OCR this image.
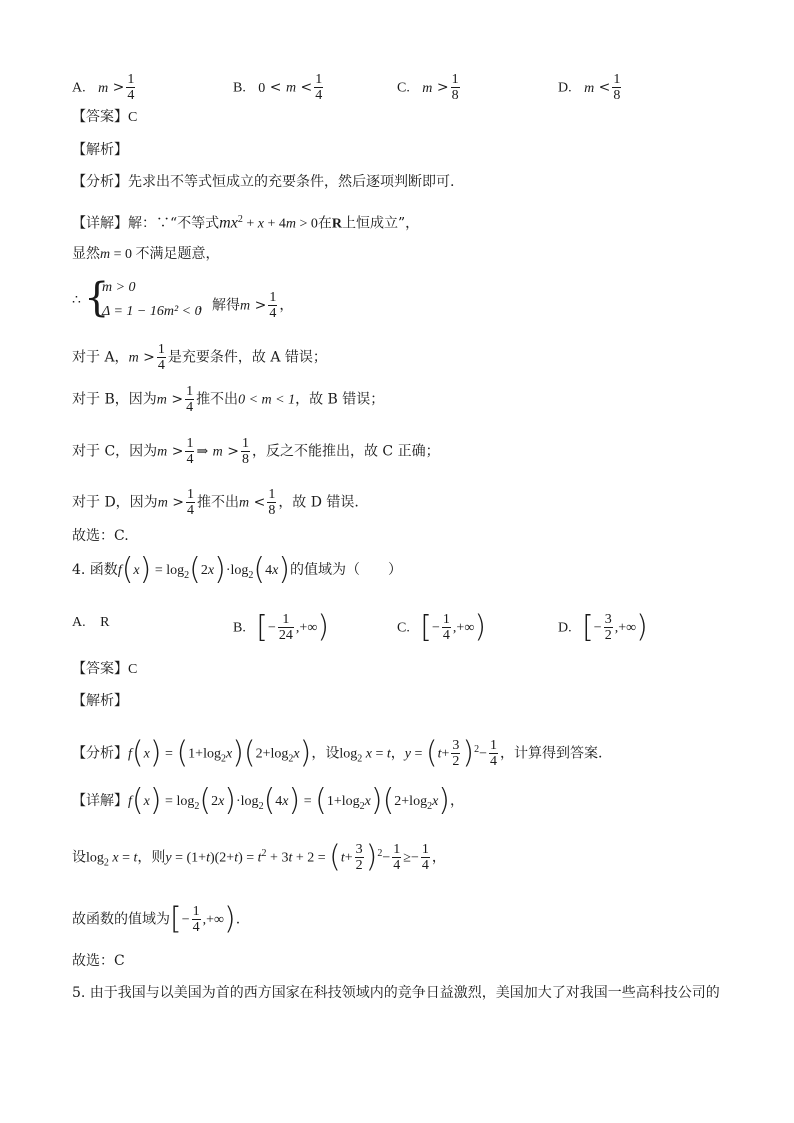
A. $m > \frac{1}{4}$	B. $0 < m < \frac{1}{4}$	C. $m > \frac{1}{8}$	D. $m < \frac{1}{8}$
【答案】C
【解析】
【分析】先求出不等式恒成立的充要条件，然后逐项判断即可.
【详解】解：∵“不等式$mx^2 + x + 4m > 0$在R上恒成立”，
显然m = 0 不满足题意，
∴ {
m > 0
Δ = 1 − 16m² < 0
，解得$m > \frac{1}{4}$ ，
对于 A，$m > \frac{1}{4}$ 是充要条件，故 A 错误；
对于 B，因为$m > \frac{1}{4}$ 推不出0 < m < 1，故 B 错误；
对于 C，因为$m > \frac{1}{4}$ ⇒ $m > \frac{1}{8}$ ，反之不能推出，故 C 正确；
对于 D，因为$m > \frac{1}{4}$ 推不出$m < \frac{1}{8}$ ，故 D 错误.
故选：C.
4. 函数$f(x) = \log_2(2x)\cdot\log_2(4x)$的值域为（　　）
A. R	B. [− $\frac{1}{24}$ ,+∞)	C. [− $\frac{1}{4}$ ,+∞)	D. [− $\frac{3}{2}$ ,+∞)
【答案】C
【解析】
【分析】$f(x) = (1+\log_2x)(2+\log_2x)$，设$\log_2 x = t$，$y = (t+ \frac{3}{2} )^2- \frac{1}{4}$ ，计算得到答案.
【详解】$f(x) = \log_2(2x)\cdot\log_2(4x) = (1+\log_2x)(2+\log_2x)$，
设$\log_2 x = t$，则$y = (1+t)(2+t) = t^2 + 3t + 2 = (t+ \frac{3}{2} )^2- \frac{1}{4} \ge- \frac{1}{4}$ ，
故函数的值域为[− $\frac{1}{4}$ ,+∞).
故选：C
5. 由于我国与以美国为首的西方国家在科技领域内的竞争日益激烈，美国加大了对我国一些高科技公司的
